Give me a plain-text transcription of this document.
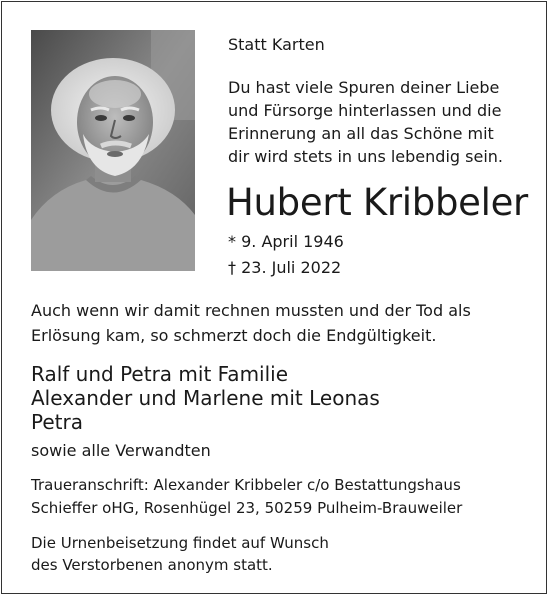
Statt Karten
Du hast viele Spuren deiner Liebe
und Fürsorge hinterlassen und die
Erinnerung an all das Schöne mit
dir wird stets in uns lebendig sein.
Hubert Kribbeler
* 9. April 1946
† 23. Juli 2022
Auch wenn wir damit rechnen mussten und der Tod als
Erlösung kam, so schmerzt doch die Endgültigkeit.
Ralf und Petra mit Familie
Alexander und Marlene mit Leonas
Petra
sowie alle Verwandten
Traueranschrift: Alexander Kribbeler c/o Bestattungshaus
Schieffer oHG, Rosenhügel 23, 50259 Pulheim-Brauweiler
Die Urnenbeisetzung findet auf Wunsch
des Verstorbenen anonym statt.
